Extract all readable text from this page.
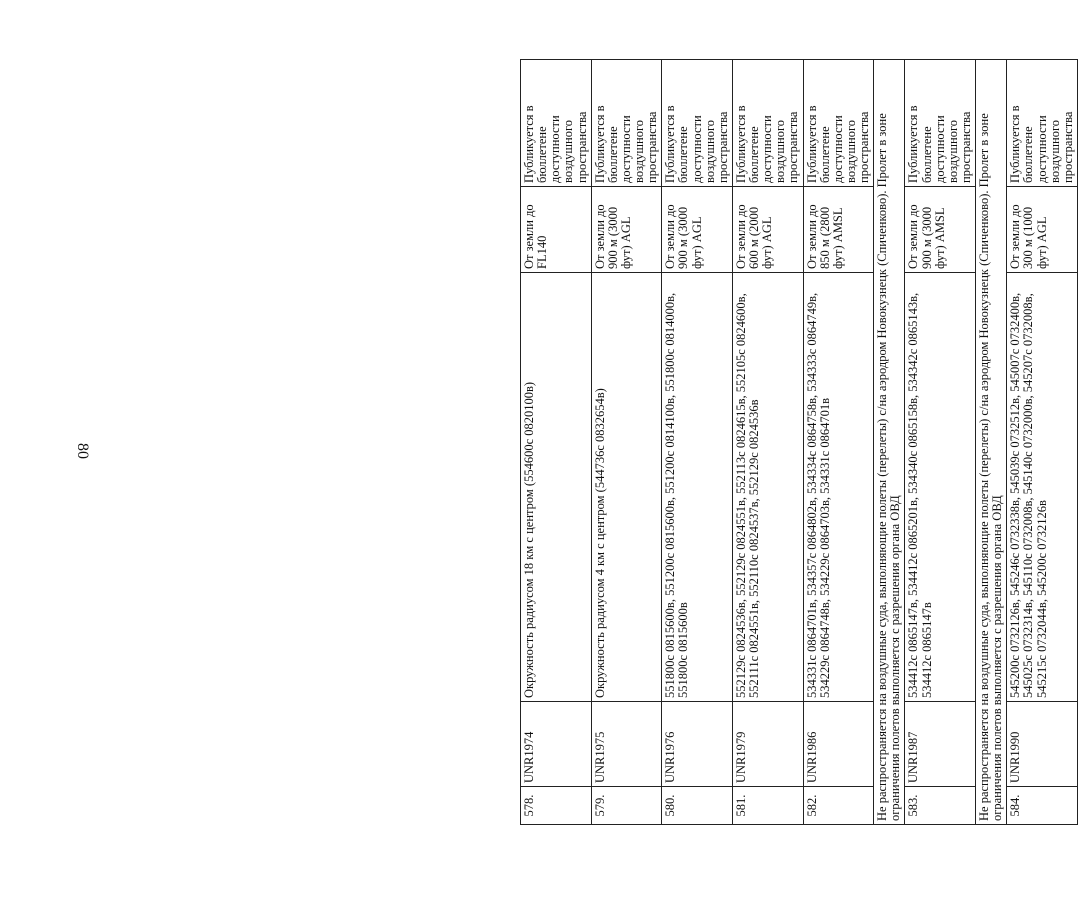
80
578.	UNR1974	Окружность радиусом 18 км с центром (554600с 0820100в)	От земли до FL140	Публикуется в бюллетене доступности воздушного пространства
579.	UNR1975	Окружность радиусом 4 км с центром (544736с 0832654в)	От земли до 900 м (3000 фут) AGL	Публикуется в бюллетене доступности воздушного пространства
580.	UNR1976	551800с 0815600в, 551200с 0815600в, 551200с 0814100в, 551800с 0814000в, 551800с 0815600в	От земли до 900 м (3000 фут) AGL	Публикуется в бюллетене доступности воздушного пространства
581.	UNR1979	552129с 0824536в, 552129с 0824551в, 552113с 0824615в, 552105с 0824600в, 552111с 0824551в, 552110с 0824537в, 552129с 0824536в	От земли до 600 м (2000 фут) AGL	Публикуется в бюллетене доступности воздушного пространства
582.	UNR1986	534331с 0864701в, 534357с 0864802в, 534334с 0864758в, 534333с 0864749в, 534229с 0864748в, 534229с 0864703в, 534331с 0864701в	От земли до 850 м (2800 фут) AMSL	Публикуется в бюллетене доступности воздушного пространства
Не распространяется на воздушные суда, выполняющие полеты (перелеты) с/на аэродром Новокузнецк (Спиченково). Пролет в зоне ограничения полетов выполняется с разрешения органа ОВД				
583.	UNR1987	534412с 0865147в, 534412с 0865201в, 534340с 0865158в, 534342с 0865143в, 534412с 0865147в	От земли до 900 м (3000 фут) AMSL	Публикуется в бюллетене доступности воздушного пространства
Не распространяется на воздушные суда, выполняющие полеты (перелеты) с/на аэродром Новокузнецк (Спиченково). Пролет в зоне ограничения полетов выполняется с разрешения органа ОВД				
584.	UNR1990	545200с 0732126в, 545246с 0732338в, 545039с 0732512в, 545007с 0732400в, 545025с 0732314в, 545110с 0732008в, 545140с 0732000в, 545207с 0732008в, 545215с 0732044в, 545200с 0732126в	От земли до 300 м (1000 фут) AGL	Публикуется в бюллетене доступности воздушного пространства
